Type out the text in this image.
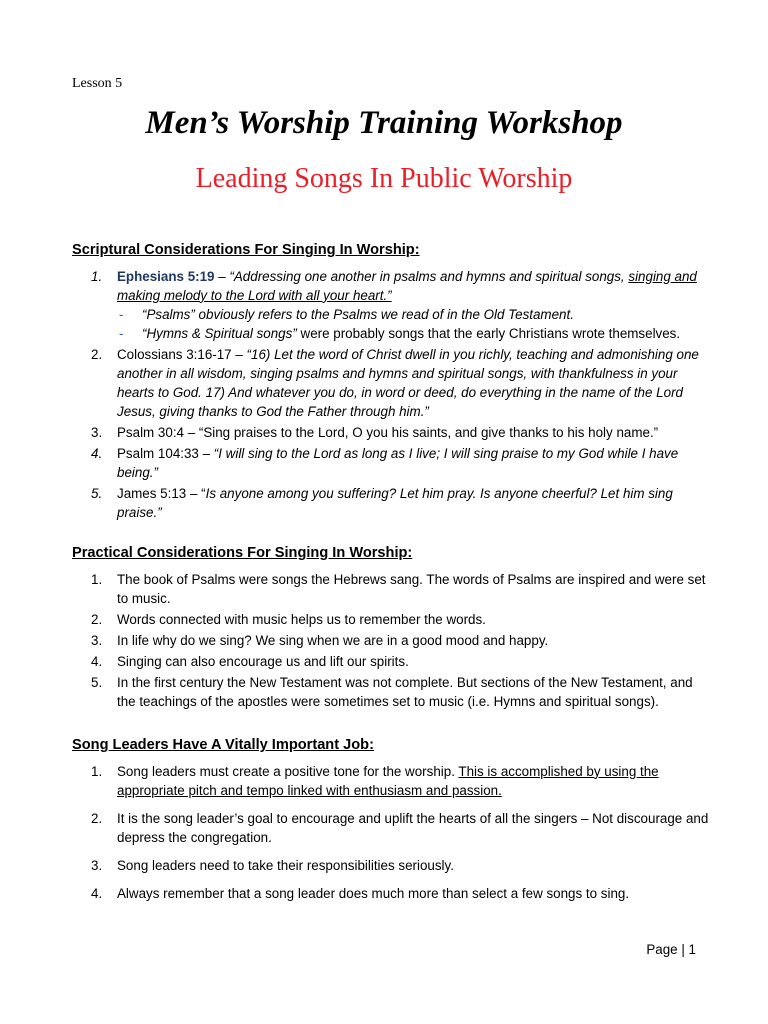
Lesson 5
Men’s Worship Training Workshop
Leading Songs In Public Worship
Scriptural Considerations For Singing In Worship:
1. Ephesians 5:19 – “Addressing one another in psalms and hymns and spiritual songs, singing and making melody to the Lord with all your heart.”
- “Psalms” obviously refers to the Psalms we read of in the Old Testament.
- “Hymns & Spiritual songs” were probably songs that the early Christians wrote themselves.
2. Colossians 3:16-17 – “16) Let the word of Christ dwell in you richly, teaching and admonishing one another in all wisdom, singing psalms and hymns and spiritual songs, with thankfulness in your hearts to God. 17) And whatever you do, in word or deed, do everything in the name of the Lord Jesus, giving thanks to God the Father through him.”
3. Psalm 30:4 – “Sing praises to the Lord, O you his saints, and give thanks to his holy name.”
4. Psalm 104:33 – “I will sing to the Lord as long as I live; I will sing praise to my God while I have being.”
5. James 5:13 – “Is anyone among you suffering? Let him pray. Is anyone cheerful? Let him sing praise.”
Practical Considerations For Singing In Worship:
1. The book of Psalms were songs the Hebrews sang. The words of Psalms are inspired and were set to music.
2. Words connected with music helps us to remember the words.
3. In life why do we sing? We sing when we are in a good mood and happy.
4. Singing can also encourage us and lift our spirits.
5. In the first century the New Testament was not complete. But sections of the New Testament, and the teachings of the apostles were sometimes set to music (i.e. Hymns and spiritual songs).
Song Leaders Have A Vitally Important Job:
1. Song leaders must create a positive tone for the worship. This is accomplished by using the appropriate pitch and tempo linked with enthusiasm and passion.
2. It is the song leader’s goal to encourage and uplift the hearts of all the singers – Not discourage and depress the congregation.
3. Song leaders need to take their responsibilities seriously.
4. Always remember that a song leader does much more than select a few songs to sing.
Page | 1
